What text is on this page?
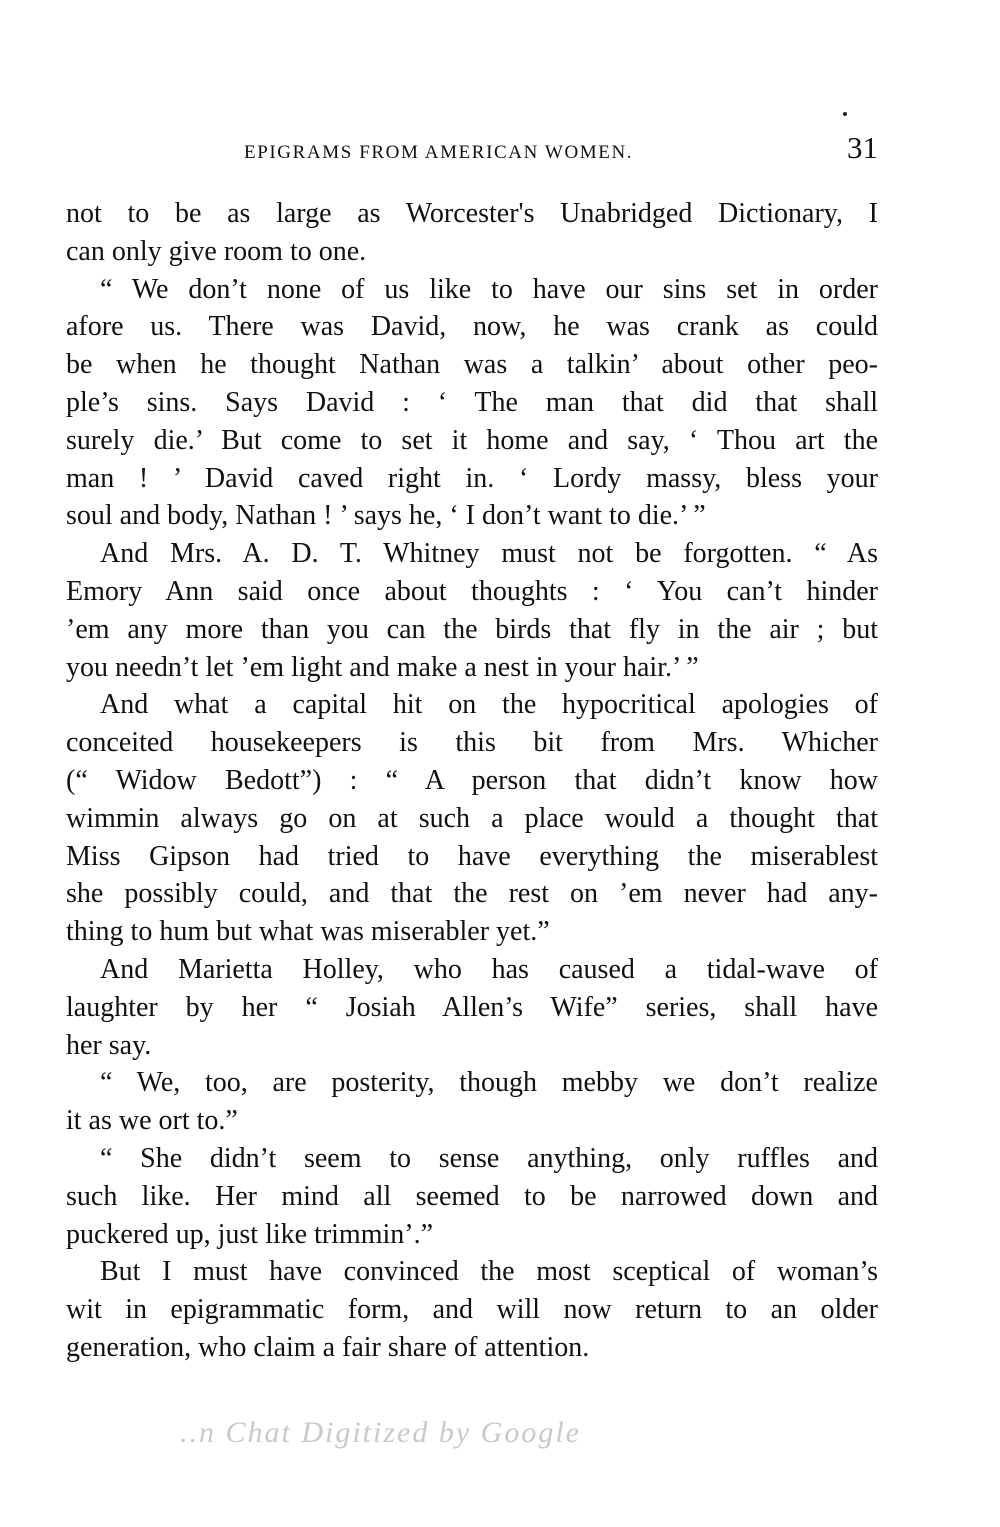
EPIGRAMS FROM AMERICAN WOMEN.	31
not to be as large as Worcester's Unabridged Dictionary, I
can only give room to one.
“ We don’t none of us like to have our sins set in order
afore us. There was David, now, he was crank as could
be when he thought Nathan was a talkin’ about other peo-
ple’s sins. Says David : ‘ The man that did that shall
surely die.’ But come to set it home and say, ‘ Thou art the
man ! ’ David caved right in. ‘ Lordy massy, bless your
soul and body, Nathan ! ’ says he, ‘ I don’t want to die.’ ”
And Mrs. A. D. T. Whitney must not be forgotten. “ As
Emory Ann said once about thoughts : ‘ You can’t hinder
’em any more than you can the birds that fly in the air ; but
you needn’t let ’em light and make a nest in your hair.’ ”
And what a capital hit on the hypocritical apologies of
conceited housekeepers is this bit from Mrs. Whicher
(“ Widow Bedott”) : “ A person that didn’t know how
wimmin always go on at such a place would a thought that
Miss Gipson had tried to have everything the miserablest
she possibly could, and that the rest on ’em never had any-
thing to hum but what was miserabler yet.”
And Marietta Holley, who has caused a tidal-wave of
laughter by her “ Josiah Allen’s Wife” series, shall have
her say.
“ We, too, are posterity, though mebby we don’t realize
it as we ort to.”
“ She didn’t seem to sense anything, only ruffles and
such like. Her mind all seemed to be narrowed down and
puckered up, just like trimmin’.”
But I must have convinced the most sceptical of woman’s
wit in epigrammatic form, and will now return to an older
generation, who claim a fair share of attention.
..n Chat Digitized by Google
